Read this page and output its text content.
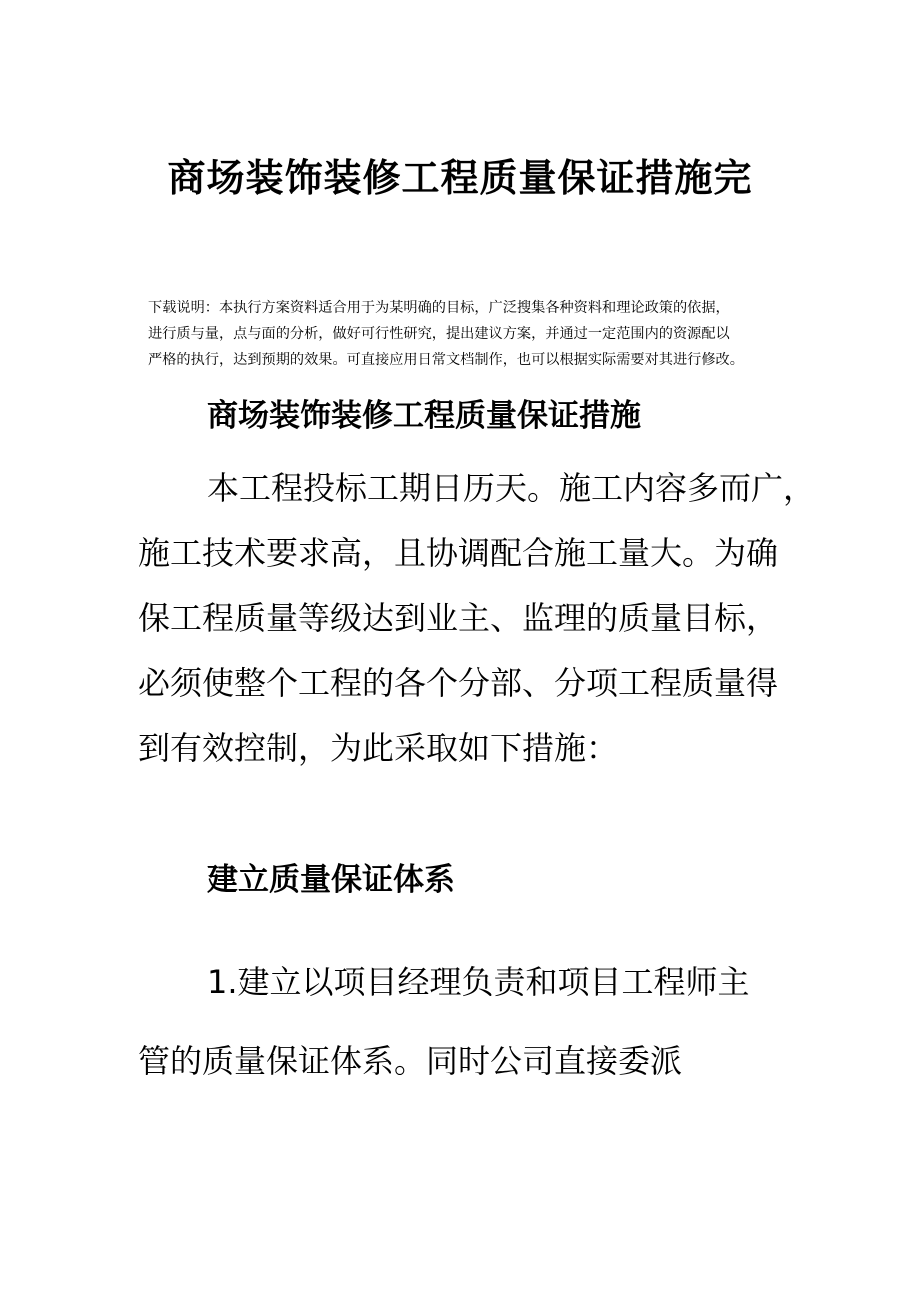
商场装饰装修工程质量保证措施完

下载说明：本执行方案资料适合用于为某明确的目标，广泛搜集各种资料和理论政策的依据，
进行质与量，点与面的分析，做好可行性研究，提出建议方案，并通过一定范围内的资源配以
严格的执行，达到预期的效果。可直接应用日常文档制作，也可以根据实际需要对其进行修改。

商场装饰装修工程质量保证措施

本工程投标工期日历天。施工内容多而广，
施工技术要求高，且协调配合施工量大。为确
保工程质量等级达到业主、监理的质量目标，
必须使整个工程的各个分部、分项工程质量得
到有效控制，为此采取如下措施：

建立质量保证体系

1.建立以项目经理负责和项目工程师主
管的质量保证体系。同时公司直接委派
